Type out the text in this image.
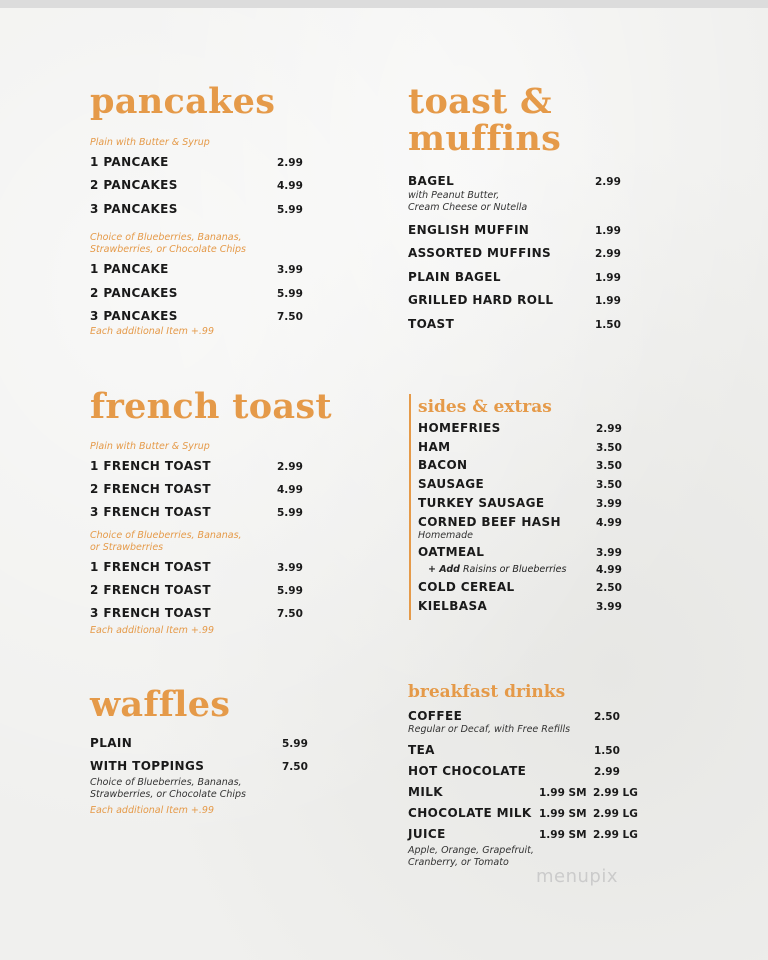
pancakes
Plain with Butter & Syrup
1 PANCAKE	2.99
2 PANCAKES	4.99
3 PANCAKES	5.99
Choice of Blueberries, Bananas,
Strawberries, or Chocolate Chips
1 PANCAKE	3.99
2 PANCAKES	5.99
3 PANCAKES	7.50
Each additional Item +.99
french toast
Plain with Butter & Syrup
1 FRENCH TOAST	2.99
2 FRENCH TOAST	4.99
3 FRENCH TOAST	5.99
Choice of Blueberries, Bananas,
or Strawberries
1 FRENCH TOAST	3.99
2 FRENCH TOAST	5.99
3 FRENCH TOAST	7.50
Each additional Item +.99
waffles
PLAIN	5.99
WITH TOPPINGS	7.50
Choice of Blueberries, Bananas,
Strawberries, or Chocolate Chips
Each additional Item +.99
toast &
muffins
BAGEL	2.99
with Peanut Butter,
Cream Cheese or Nutella
ENGLISH MUFFIN	1.99
ASSORTED MUFFINS	2.99
PLAIN BAGEL	1.99
GRILLED HARD ROLL	1.99
TOAST	1.50
sides & extras
HOMEFRIES	2.99
HAM	3.50
BACON	3.50
SAUSAGE	3.50
TURKEY SAUSAGE	3.99
CORNED BEEF HASH	4.99
Homemade
OATMEAL	3.99
+ Add Raisins or Blueberries	4.99
COLD CEREAL	2.50
KIELBASA	3.99
breakfast drinks
COFFEE	2.50
Regular or Decaf, with Free Refills
TEA	1.50
HOT CHOCOLATE	2.99
MILK	1.99 SM 2.99 LG
CHOCOLATE MILK 1.99 SM 2.99 LG
JUICE	1.99 SM 2.99 LG
Apple, Orange, Grapefruit,
Cranberry, or Tomato
menupix
